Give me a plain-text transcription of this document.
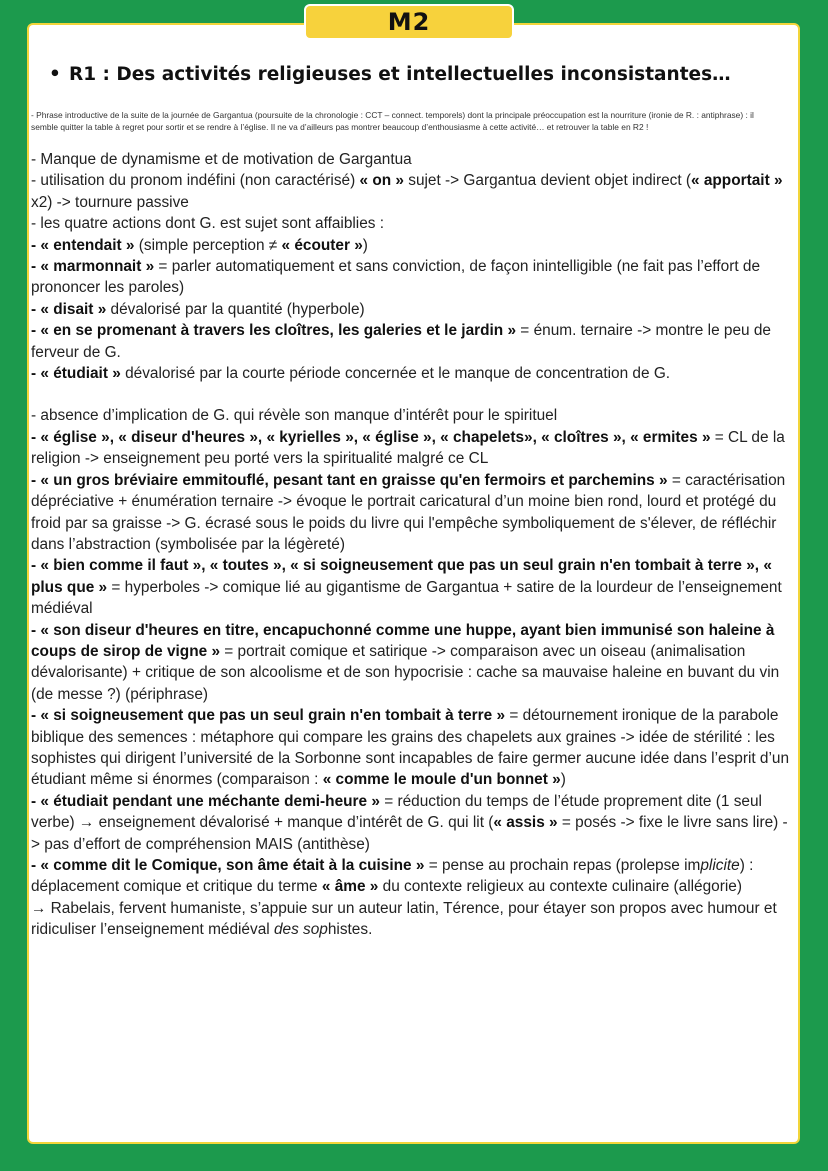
M2
• R1 : Des activités religieuses et intellectuelles inconsistantes…
- Phrase introductive de la suite de la journée de Gargantua (poursuite de la chronologie : CCT – connect. temporels) dont la principale préoccupation est la nourriture (ironie de R. : antiphrase) : il semble quitter la table à regret pour sortir et se rendre à l’église. Il ne va d’ailleurs pas montrer beaucoup d’enthousiasme à cette activité… et retrouver la table en R2 !

- Manque de dynamisme et de motivation de Gargantua

- utilisation du pronom indéfini (non caractérisé) « on » sujet -> Gargantua devient objet indirect (« apportait » x2) -> tournure passive

- les quatre actions dont G. est sujet sont affaiblies :

- « entendait » (simple perception ≠ « écouter »)

- « marmonnait » = parler automatiquement et sans conviction, de façon inintelligible (ne fait pas l’effort de prononcer les paroles)

- « disait » dévalorisé par la quantité (hyperbole)

- « en se promenant à travers les cloîtres, les galeries et le jardin » = énum. ternaire -> montre le peu de ferveur de G.

- « étudiait » dévalorisé par la courte période concernée et le manque de concentration de G.

- absence d’implication de G. qui révèle son manque d’intérêt pour le spirituel

- « église », « diseur d'heures », « kyrielles », « église », « chapelets», « cloîtres », « ermites » = CL de la religion -> enseignement peu porté vers la spiritualité malgré ce CL

- « un gros bréviaire emmitouflé, pesant tant en graisse qu'en fermoirs et parchemins » = caractérisation dépréciative + énumération ternaire -> évoque le portrait caricatural d’un moine bien rond, lourd et protégé du froid par sa graisse -> G. écrasé sous le poids du livre qui l'empêche symboliquement de s'élever, de réfléchir dans l’abstraction (symbolisée par la légèreté)

- « bien comme il faut », « toutes », « si soigneusement que pas un seul grain n'en tombait à terre », « plus que » = hyperboles -> comique lié au gigantisme de Gargantua + satire de la lourdeur de l’enseignement médiéval

- « son diseur d'heures en titre, encapuchonné comme une huppe, ayant bien immunisé son haleine à coups de sirop de vigne » = portrait comique et satirique -> comparaison avec un oiseau (animalisation dévalorisante) + critique de son alcoolisme et de son hypocrisie : cache sa mauvaise haleine en buvant du vin (de messe ?) (périphrase)

- « si soigneusement que pas un seul grain n'en tombait à terre » = détournement ironique de la parabole biblique des semences : métaphore qui compare les grains des chapelets aux graines -> idée de stérilité : les sophistes qui dirigent l’université de la Sorbonne sont incapables de faire germer aucune idée dans l’esprit d’un étudiant même si énormes (comparaison : « comme le moule d'un bonnet »)

- « étudiait pendant une méchante demi-heure » = réduction du temps de l’étude proprement dite (1 seul verbe) → enseignement dévalorisé + manque d’intérêt de G. qui lit (« assis » = posés -> fixe le livre sans lire) -> pas d’effort de compréhension MAIS (antithèse)

- « comme dit le Comique, son âme était à la cuisine » = pense au prochain repas (prolepse implicite) : déplacement comique et critique du terme « âme » du contexte religieux au contexte culinaire (allégorie)

→ Rabelais, fervent humaniste, s’appuie sur un auteur latin, Térence, pour étayer son propos avec humour et ridiculiser l’enseignement médiéval des sophistes.
